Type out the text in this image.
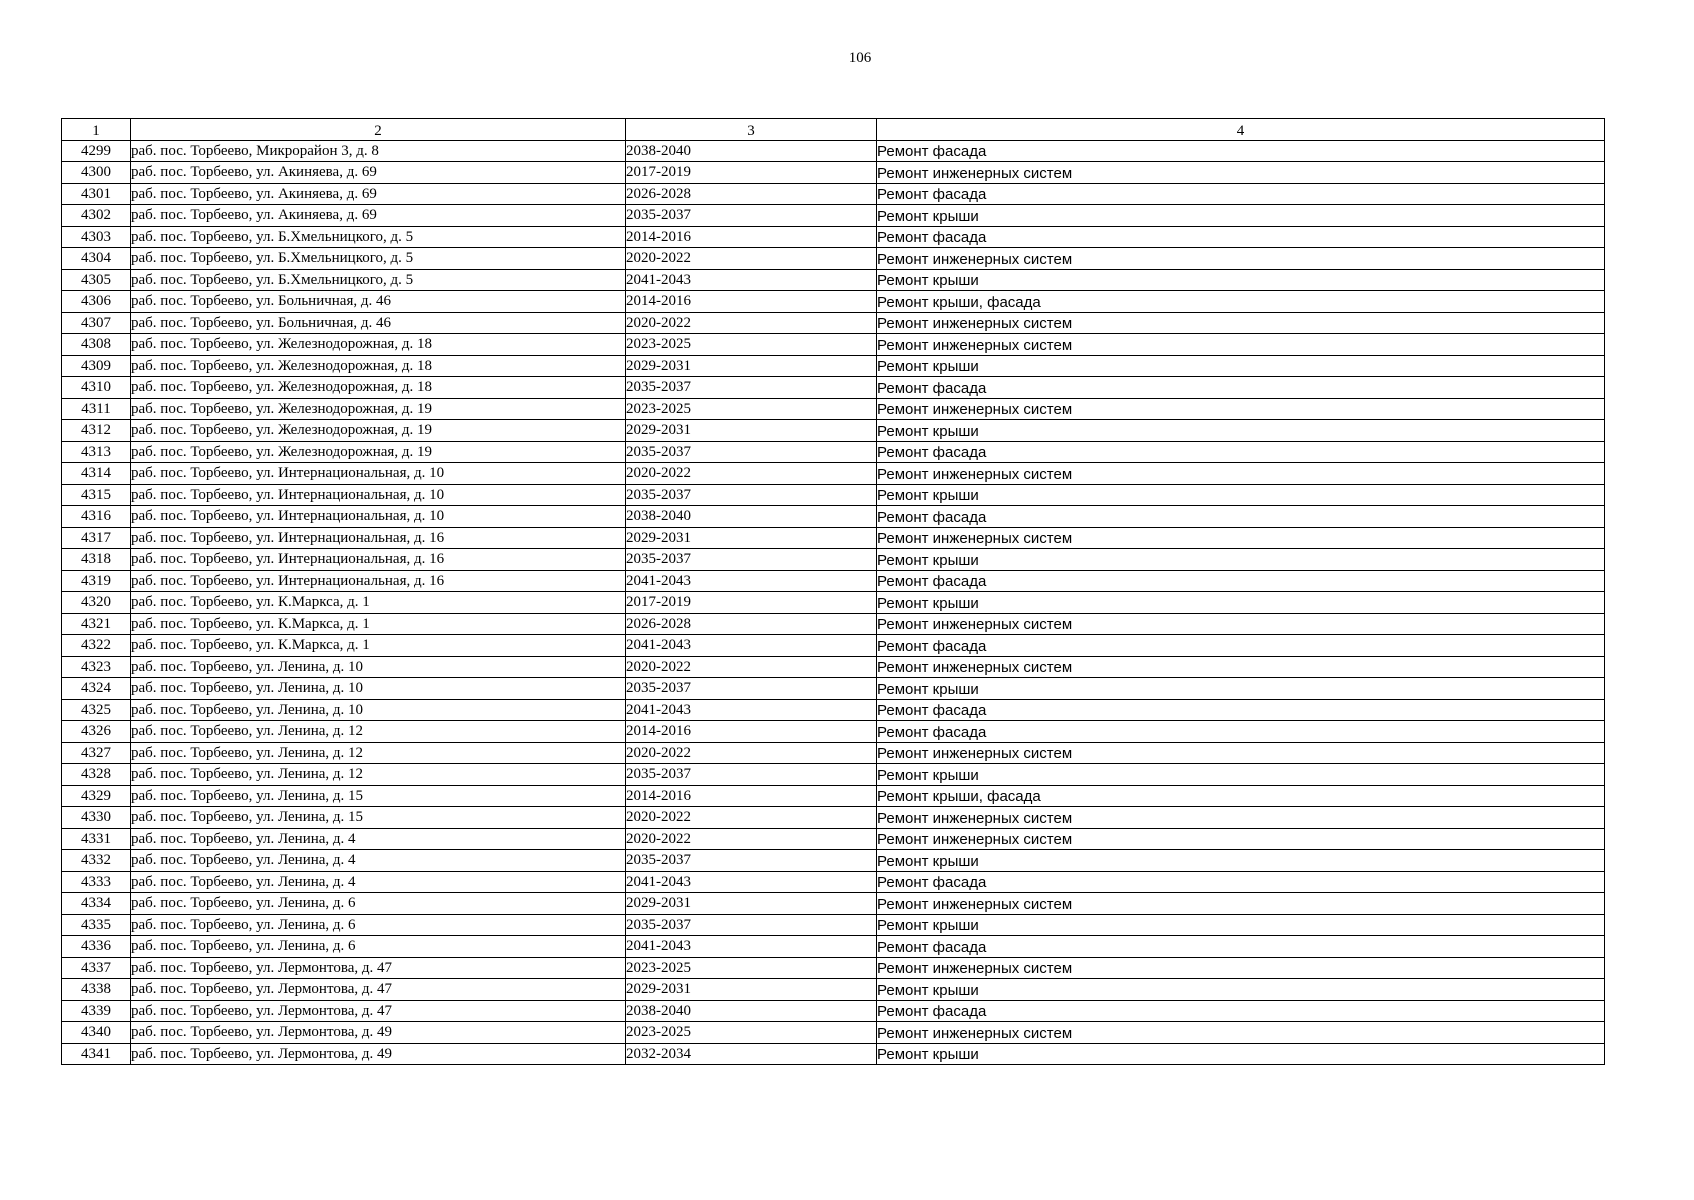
106
1	2	3	4
4299	раб. пос. Торбеево, Микрорайон 3, д. 8	2038-2040	Ремонт фасада
4300	раб. пос. Торбеево, ул. Акиняева, д. 69	2017-2019	Ремонт инженерных систем
4301	раб. пос. Торбеево, ул. Акиняева, д. 69	2026-2028	Ремонт фасада
4302	раб. пос. Торбеево, ул. Акиняева, д. 69	2035-2037	Ремонт крыши
4303	раб. пос. Торбеево, ул. Б.Хмельницкого, д. 5	2014-2016	Ремонт фасада
4304	раб. пос. Торбеево, ул. Б.Хмельницкого, д. 5	2020-2022	Ремонт инженерных систем
4305	раб. пос. Торбеево, ул. Б.Хмельницкого, д. 5	2041-2043	Ремонт крыши
4306	раб. пос. Торбеево, ул. Больничная, д. 46	2014-2016	Ремонт крыши, фасада
4307	раб. пос. Торбеево, ул. Больничная, д. 46	2020-2022	Ремонт инженерных систем
4308	раб. пос. Торбеево, ул. Железнодорожная, д. 18	2023-2025	Ремонт инженерных систем
4309	раб. пос. Торбеево, ул. Железнодорожная, д. 18	2029-2031	Ремонт крыши
4310	раб. пос. Торбеево, ул. Железнодорожная, д. 18	2035-2037	Ремонт фасада
4311	раб. пос. Торбеево, ул. Железнодорожная, д. 19	2023-2025	Ремонт инженерных систем
4312	раб. пос. Торбеево, ул. Железнодорожная, д. 19	2029-2031	Ремонт крыши
4313	раб. пос. Торбеево, ул. Железнодорожная, д. 19	2035-2037	Ремонт фасада
4314	раб. пос. Торбеево, ул. Интернациональная, д. 10	2020-2022	Ремонт инженерных систем
4315	раб. пос. Торбеево, ул. Интернациональная, д. 10	2035-2037	Ремонт крыши
4316	раб. пос. Торбеево, ул. Интернациональная, д. 10	2038-2040	Ремонт фасада
4317	раб. пос. Торбеево, ул. Интернациональная, д. 16	2029-2031	Ремонт инженерных систем
4318	раб. пос. Торбеево, ул. Интернациональная, д. 16	2035-2037	Ремонт крыши
4319	раб. пос. Торбеево, ул. Интернациональная, д. 16	2041-2043	Ремонт фасада
4320	раб. пос. Торбеево, ул. К.Маркса, д. 1	2017-2019	Ремонт крыши
4321	раб. пос. Торбеево, ул. К.Маркса, д. 1	2026-2028	Ремонт инженерных систем
4322	раб. пос. Торбеево, ул. К.Маркса, д. 1	2041-2043	Ремонт фасада
4323	раб. пос. Торбеево, ул. Ленина, д. 10	2020-2022	Ремонт инженерных систем
4324	раб. пос. Торбеево, ул. Ленина, д. 10	2035-2037	Ремонт крыши
4325	раб. пос. Торбеево, ул. Ленина, д. 10	2041-2043	Ремонт фасада
4326	раб. пос. Торбеево, ул. Ленина, д. 12	2014-2016	Ремонт фасада
4327	раб. пос. Торбеево, ул. Ленина, д. 12	2020-2022	Ремонт инженерных систем
4328	раб. пос. Торбеево, ул. Ленина, д. 12	2035-2037	Ремонт крыши
4329	раб. пос. Торбеево, ул. Ленина, д. 15	2014-2016	Ремонт крыши, фасада
4330	раб. пос. Торбеево, ул. Ленина, д. 15	2020-2022	Ремонт инженерных систем
4331	раб. пос. Торбеево, ул. Ленина, д. 4	2020-2022	Ремонт инженерных систем
4332	раб. пос. Торбеево, ул. Ленина, д. 4	2035-2037	Ремонт крыши
4333	раб. пос. Торбеево, ул. Ленина, д. 4	2041-2043	Ремонт фасада
4334	раб. пос. Торбеево, ул. Ленина, д. 6	2029-2031	Ремонт инженерных систем
4335	раб. пос. Торбеево, ул. Ленина, д. 6	2035-2037	Ремонт крыши
4336	раб. пос. Торбеево, ул. Ленина, д. 6	2041-2043	Ремонт фасада
4337	раб. пос. Торбеево, ул. Лермонтова, д. 47	2023-2025	Ремонт инженерных систем
4338	раб. пос. Торбеево, ул. Лермонтова, д. 47	2029-2031	Ремонт крыши
4339	раб. пос. Торбеево, ул. Лермонтова, д. 47	2038-2040	Ремонт фасада
4340	раб. пос. Торбеево, ул. Лермонтова, д. 49	2023-2025	Ремонт инженерных систем
4341	раб. пос. Торбеево, ул. Лермонтова, д. 49	2032-2034	Ремонт крыши
